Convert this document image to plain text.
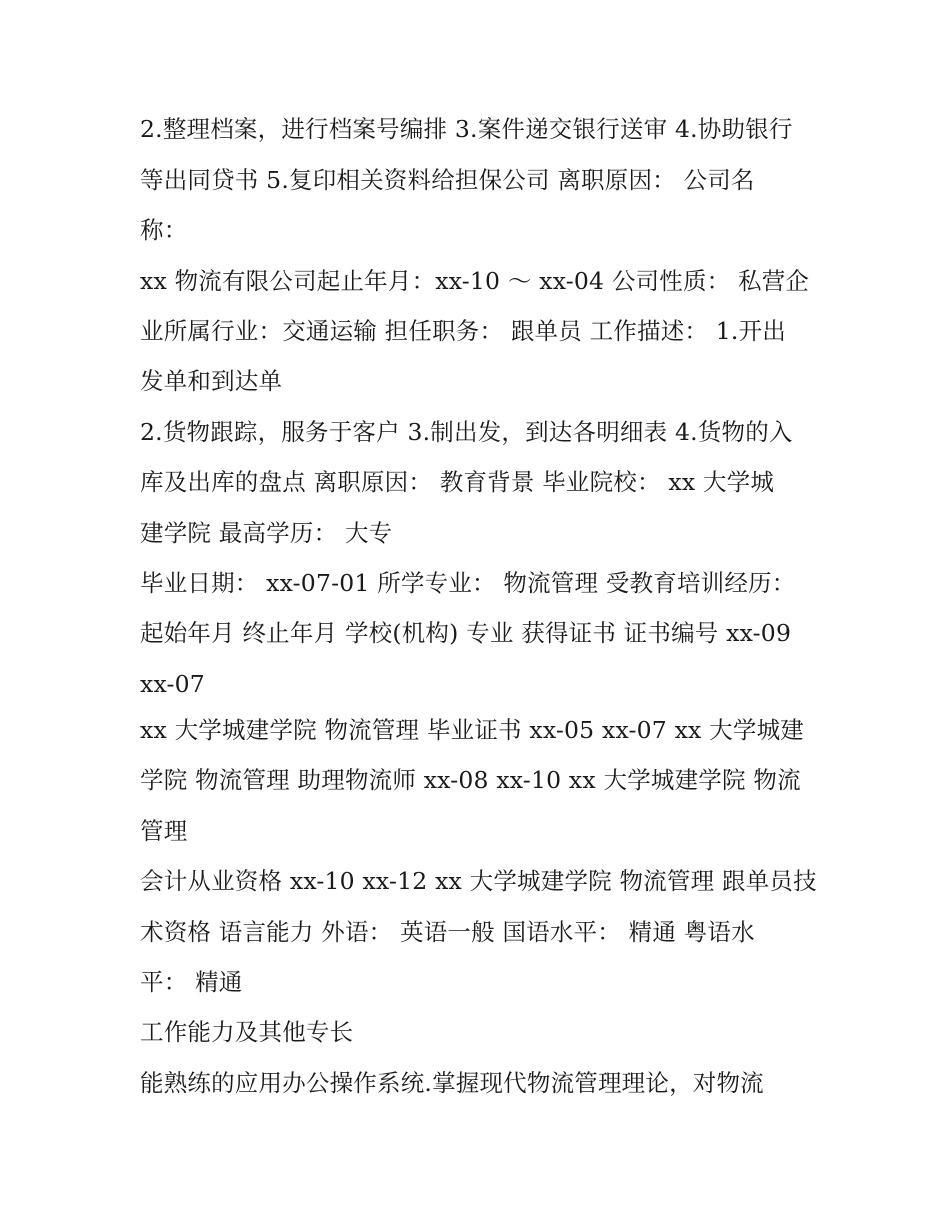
2.整理档案，进行档案号编排 3.案件递交银行送审 4.协助银行
等出同贷书 5.复印相关资料给担保公司 离职原因： 公司名
称：
xx 物流有限公司起止年月：xx-10 ～ xx-04 公司性质： 私营企
业所属行业：交通运输 担任职务： 跟单员 工作描述： 1.开出
发单和到达单
2.货物跟踪，服务于客户 3.制出发，到达各明细表 4.货物的入
库及出库的盘点 离职原因： 教育背景 毕业院校： xx 大学城
建学院 最高学历： 大专
毕业日期： xx-07-01 所学专业： 物流管理 受教育培训经历：
起始年月 终止年月 学校(机构) 专业 获得证书 证书编号 xx-09
xx-07
xx 大学城建学院 物流管理 毕业证书 xx-05 xx-07 xx 大学城建
学院 物流管理 助理物流师 xx-08 xx-10 xx 大学城建学院 物流
管理
会计从业资格 xx-10 xx-12 xx 大学城建学院 物流管理 跟单员技
术资格 语言能力 外语： 英语一般 国语水平： 精通 粤语水
平： 精通
工作能力及其他专长
能熟练的应用办公操作系统.掌握现代物流管理理论，对物流
